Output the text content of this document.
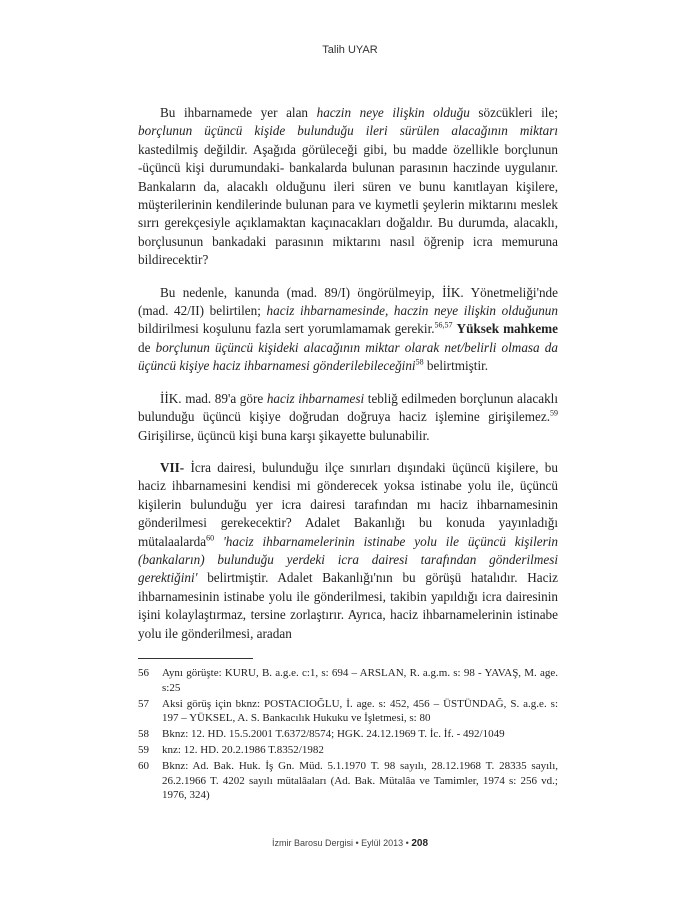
Talih UYAR

Bu ihbarnamede yer alan haczin neye ilişkin olduğu sözcükleri ile; borçlunun üçüncü kişide bulunduğu ileri sürülen alacağının miktarı kastedilmiş değildir. Aşağıda görüleceği gibi, bu madde özellikle borçlunun -üçüncü kişi durumundaki- bankalarda bulunan parasının haczinde uygulanır. Bankaların da, alacaklı olduğunu ileri süren ve bunu kanıtlayan kişilere, müşterilerinin kendilerinde bulunan para ve kıymetli şeylerin miktarını meslek sırrı gerekçesiyle açıklamaktan kaçınacakları doğaldır. Bu durumda, alacaklı, borçlusunun bankadaki parasının miktarını nasıl öğrenip icra memuruna bildirecektir?

Bu nedenle, kanunda (mad. 89/I) öngörülmeyip, İİK. Yönetmeliği'nde (mad. 42/II) belirtilen; haciz ihbarnamesinde, haczin neye ilişkin olduğunun bildirilmesi koşulunu fazla sert yorumlamamak gerekir.$^{56,57}$ Yüksek mahkeme de borçlunun üçüncü kişideki alacağının miktar olarak net/belirli olmasa da üçüncü kişiye haciz ihbarnamesi gönderilebileceğini$^{58}$ belirtmiştir.

İİK. mad. 89'a göre haciz ihbarnamesi tebliğ edilmeden borçlunun alacaklı bulunduğu üçüncü kişiye doğrudan doğruya haciz işlemine girişilemez.$^{59}$ Girişilirse, üçüncü kişi buna karşı şikayette bulunabilir.

VII- İcra dairesi, bulunduğu ilçe sınırları dışındaki üçüncü kişilere, bu haciz ihbarnamesini kendisi mi gönderecek yoksa istinabe yolu ile, üçüncü kişilerin bulunduğu yer icra dairesi tarafından mı haciz ihbarnamesinin gönderilmesi gerekecektir? Adalet Bakanlığı bu konuda yayınladığı mütalaalarda$^{60}$ 'haciz ihbarnamelerinin istinabe yolu ile üçüncü kişilerin (bankaların) bulunduğu yerdeki icra dairesi tarafından gönderilmesi gerektiğini' belirtmiştir. Adalet Bakanlığı'nın bu görüşü hatalıdır. Haciz ihbarnamesinin istinabe yolu ile gönderilmesi, takibin yapıldığı icra dairesinin işini kolaylaştırmaz, tersine zorlaştırır. Ayrıca, haciz ihbarnamelerinin istinabe yolu ile gönderilmesi, aradan

56	Aynı görüşte: KURU, B. a.g.e. c:1, s: 694 – ARSLAN, R. a.g.m. s: 98 - YAVAŞ, M. age. s:25
57	Aksi görüş için bknz: POSTACIOĞLU, İ. age. s: 452, 456 – ÜSTÜNDAĞ, S. a.g.e. s: 197 – YÜKSEL, A. S. Bankacılık Hukuku ve İşletmesi, s: 80
58	Bknz: 12. HD. 15.5.2001 T.6372/8574; HGK. 24.12.1969 T. İc. İf. - 492/1049
59	knz: 12. HD. 20.2.1986 T.8352/1982
60	Bknz: Ad. Bak. Huk. İş Gn. Müd. 5.1.1970 T. 98 sayılı, 28.12.1968 T. 28335 sayılı, 26.2.1966 T. 4202 sayılı mütalâaları (Ad. Bak. Mütalâa ve Tamimler, 1974 s: 256 vd.; 1976, 324)
İzmir Barosu Dergisi • Eylül 2013 • 208
